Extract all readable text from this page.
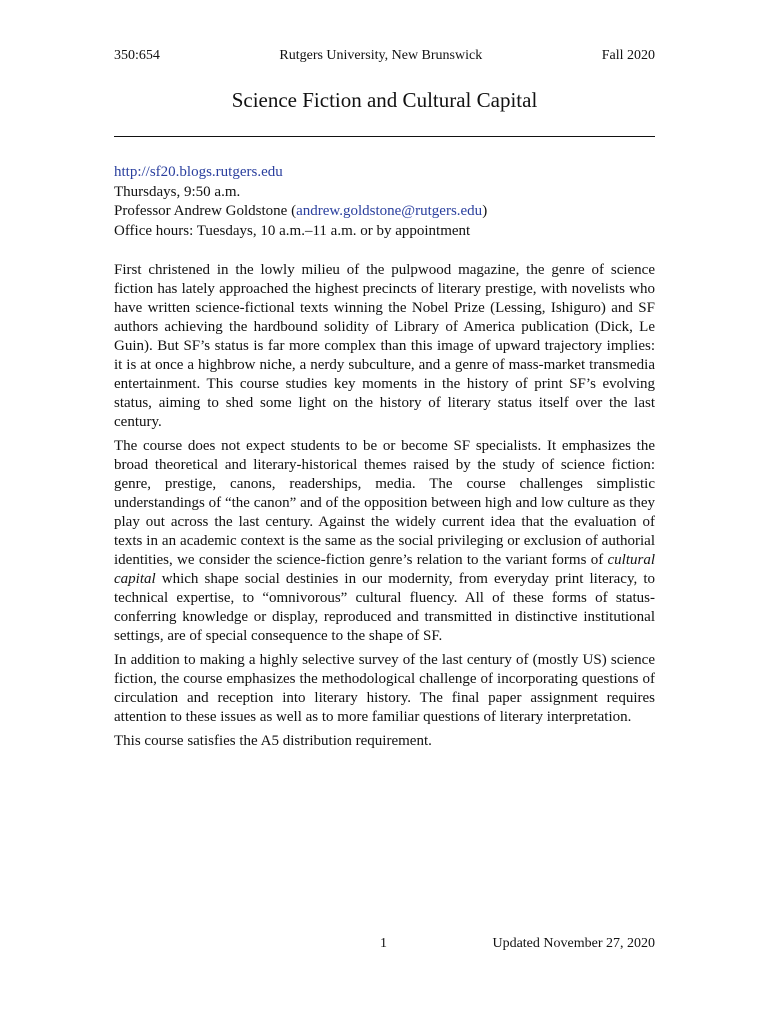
350:654	Rutgers University, New Brunswick	Fall 2020
Science Fiction and Cultural Capital
http://sf20.blogs.rutgers.edu
Thursdays, 9:50 a.m.
Professor Andrew Goldstone (andrew.goldstone@rutgers.edu)
Office hours: Tuesdays, 10 a.m.–11 a.m. or by appointment

First christened in the lowly milieu of the pulpwood magazine, the genre of science fiction has lately approached the highest precincts of literary prestige, with novelists who have written science-fictional texts winning the Nobel Prize (Lessing, Ishiguro) and SF authors achieving the hardbound solidity of Library of America publication (Dick, Le Guin). But SF’s status is far more complex than this image of upward trajectory implies: it is at once a highbrow niche, a nerdy subculture, and a genre of mass-market transmedia entertainment. This course studies key moments in the history of print SF’s evolving status, aiming to shed some light on the history of literary status itself over the last century.

The course does not expect students to be or become SF specialists. It emphasizes the broad theoretical and literary-historical themes raised by the study of science fiction: genre, prestige, canons, readerships, media. The course challenges simplistic understandings of “the canon” and of the opposition between high and low culture as they play out across the last century. Against the widely current idea that the evaluation of texts in an academic context is the same as the social privileging or exclusion of authorial identities, we consider the science-fiction genre’s relation to the variant forms of cultural capital which shape social destinies in our modernity, from everyday print literacy, to technical expertise, to “omnivorous” cultural fluency. All of these forms of status-conferring knowledge or display, reproduced and transmitted in distinctive institutional settings, are of special consequence to the shape of SF.

In addition to making a highly selective survey of the last century of (mostly US) science fiction, the course emphasizes the methodological challenge of incorporating questions of circulation and reception into literary history. The final paper assignment requires attention to these issues as well as to more familiar questions of literary interpretation.

This course satisfies the A5 distribution requirement.

1	Updated November 27, 2020
